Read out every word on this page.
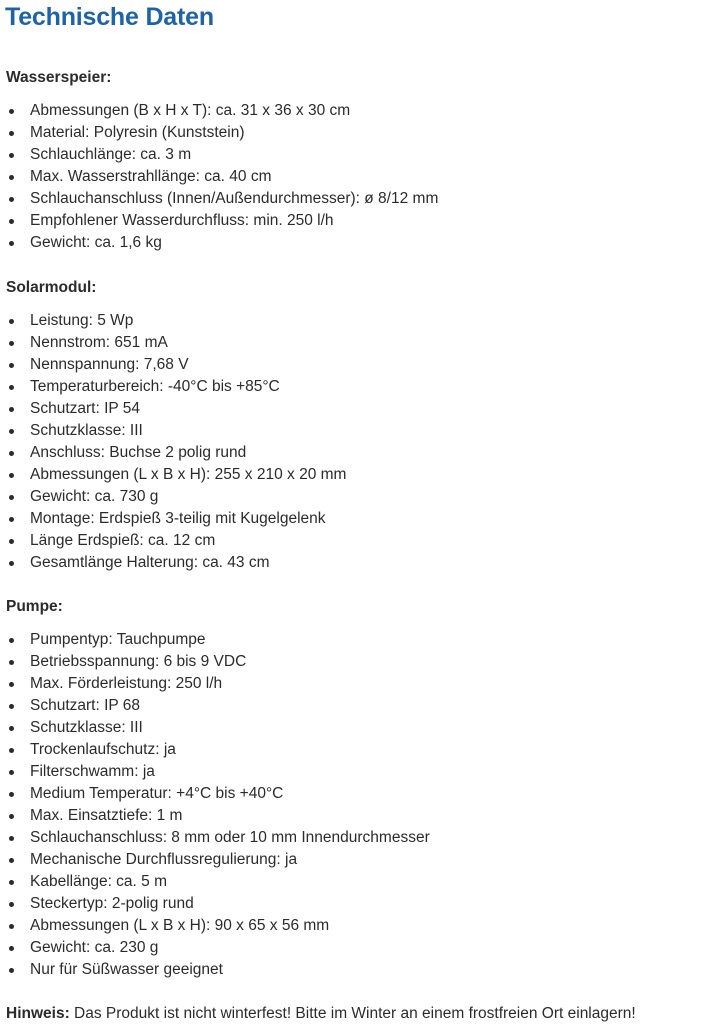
Technische Daten
Wasserspeier:
Abmessungen (B x H x T): ca. 31 x 36 x 30 cm
Material: Polyresin (Kunststein)
Schlauchlänge: ca. 3 m
Max. Wasserstrahllänge: ca. 40 cm
Schlauchanschluss (Innen/Außendurchmesser): ø 8/12 mm
Empfohlener Wasserdurchfluss: min. 250 l/h
Gewicht: ca. 1,6 kg
Solarmodul:
Leistung: 5 Wp
Nennstrom: 651 mA
Nennspannung: 7,68 V
Temperaturbereich: -40°C bis +85°C
Schutzart: IP 54
Schutzklasse: III
Anschluss: Buchse 2 polig rund
Abmessungen (L x B x H): 255 x 210 x 20 mm
Gewicht: ca. 730 g
Montage: Erdspieß 3-teilig mit Kugelgelenk
Länge Erdspieß: ca. 12 cm
Gesamtlänge Halterung: ca. 43 cm
Pumpe:
Pumpentyp: Tauchpumpe
Betriebsspannung: 6 bis 9 VDC
Max. Förderleistung: 250 l/h
Schutzart: IP 68
Schutzklasse: III
Trockenlaufschutz: ja
Filterschwamm: ja
Medium Temperatur: +4°C bis +40°C
Max. Einsatztiefe: 1 m
Schlauchanschluss: 8 mm oder 10 mm Innendurchmesser
Mechanische Durchflussregulierung: ja
Kabellänge: ca. 5 m
Steckertyp: 2-polig rund
Abmessungen (L x B x H): 90 x 65 x 56 mm
Gewicht: ca. 230 g
Nur für Süßwasser geeignet
Hinweis: Das Produkt ist nicht winterfest! Bitte im Winter an einem frostfreien Ort einlagern!
